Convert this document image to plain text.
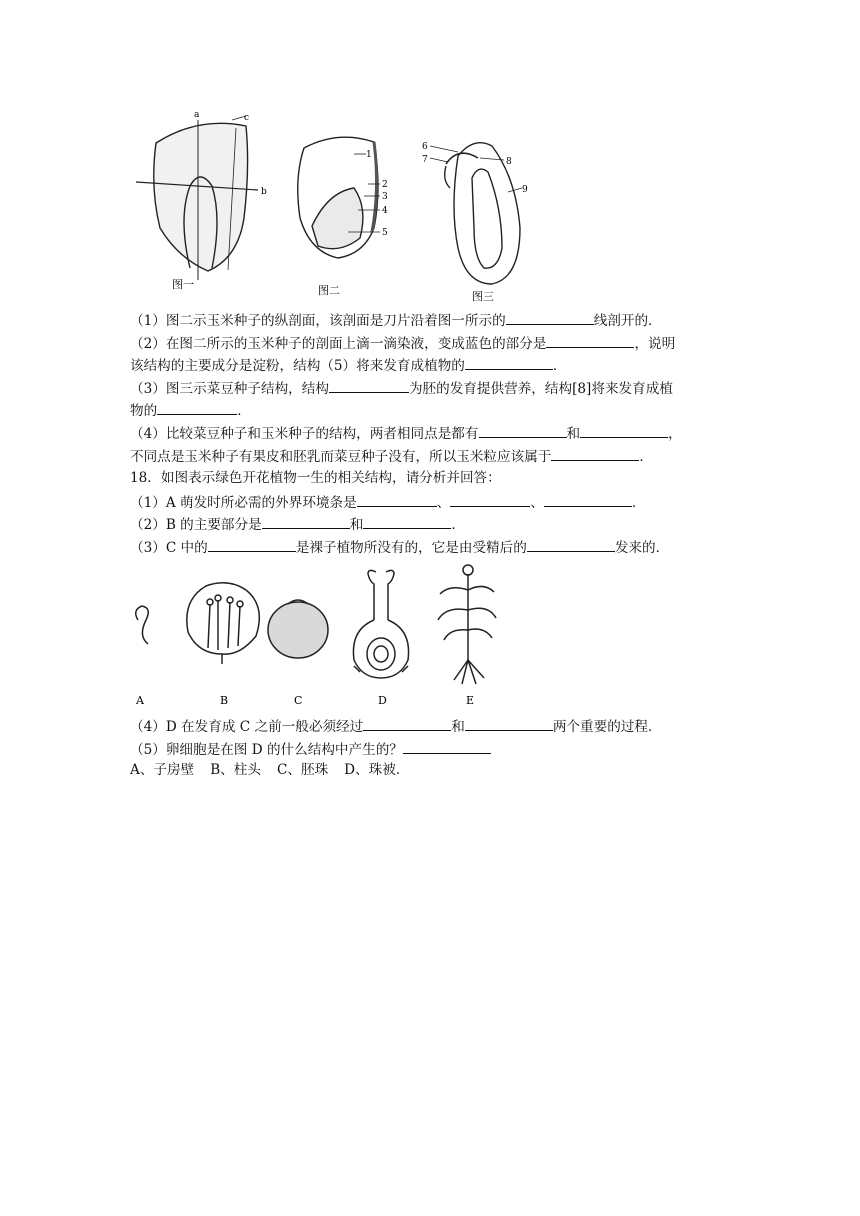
a
b
c
图一
1
2
3
4
5
图二
6
7	8
9
图三
（1）图二示玉米种子的纵剖面，该剖面是刀片沿着图一所示的	线剖开的．
（2）在图二所示的玉米种子的剖面上滴一滴染液，变成蓝色的部分是	，说明
该结构的主要成分是淀粉，结构（5）将来发育成植物的	．
（3）图三示菜豆种子结构，结构	为胚的发育提供营养，结构[8]将来发育成植
物的	．
（4）比较菜豆种子和玉米种子的结构，两者相同点是都有	和	，
不同点是玉米种子有果皮和胚乳而菜豆种子没有，所以玉米粒应该属于	．
18．如图表示绿色开花植物一生的相关结构，请分析并回答：
（1）A 萌发时所必需的外界环境条是	、	、	．
（2）B 的主要部分是	和	．
（3）C 中的	是裸子植物所没有的，它是由受精后的	发来的．
A	B	C	D	E
（4）D 在发育成 C 之前一般必须经过	和	两个重要的过程．
（5）卵细胞是在图 D 的什么结构中产生的？
A、子房壁 B、柱头 C、胚珠 D、珠被．
